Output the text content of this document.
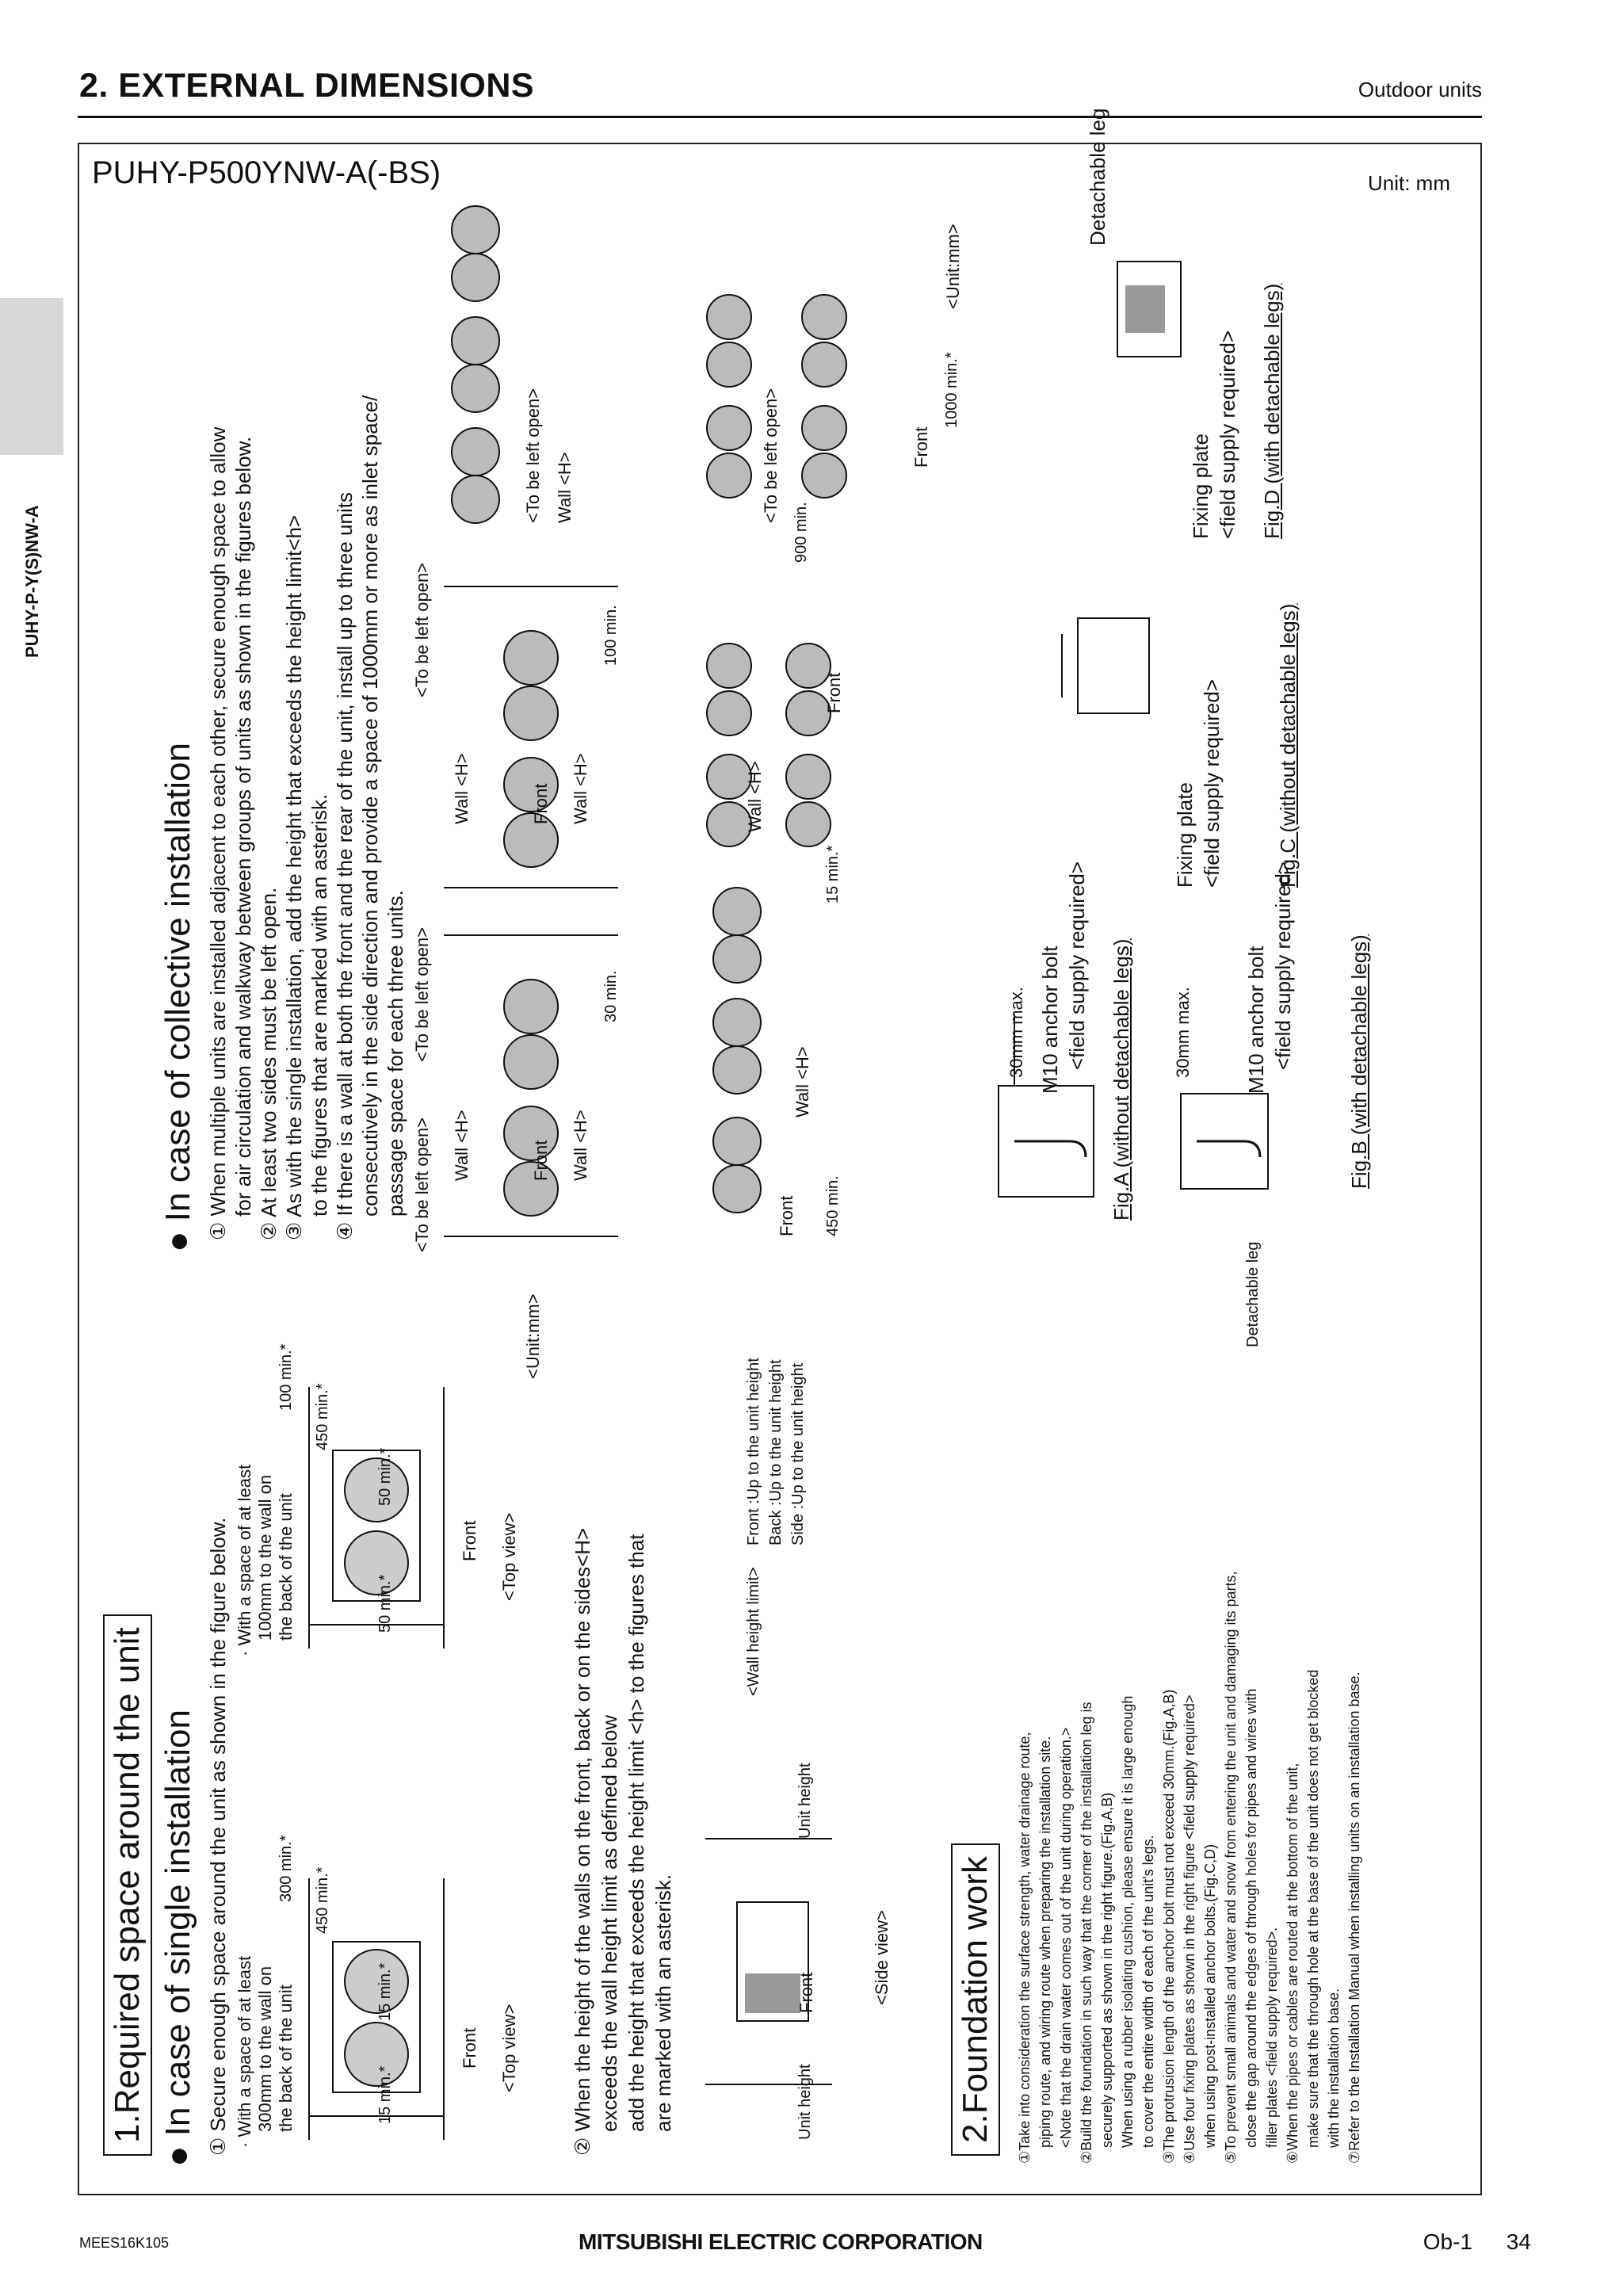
2. EXTERNAL DIMENSIONS	Outdoor units
PUHY-P-Y(S)NW-A
PUHY-P500YNW-A(-BS)	Unit: mm
1.Required space around the unit
● In case of single installation ① Secure enough space around the unit as shown in the figure below. · With a space of at least 300mm to the wall on the back of the unit
· With a space of at least 100mm to the wall on the back of the unit
15 min.*
15 min.*
300 min.* 450 min.*
Front <Top view>
50 min.*
50 min.*
100 min.*
450 min.*
Front <Top view>
<Unit:mm>
② When the height of the walls on the front, back or on the sides<H> exceeds the wall height limit as defined below add the height that exceeds the height limit <h> to the figures that are marked with an asterisk.	Unit height
Unit height
Front	<Side view>
<Wall height limit>
Front :Up to the unit height Back :Up to the unit height Side :Up to the unit height
2.Foundation work	①Take into consideration the surface strength, water drainage route, piping route, and wiring route when preparing the installation site. <Note that the drain water comes out of the unit during operation.> ②Build the foundation in such way that the corner of the installation leg is securely supported as shown in the right figure.(Fig.A,B) When using a rubber isolating cushion, please ensure it is large enough to cover the entire width of each of the unit's legs. ③The protrusion length of the anchor bolt must not exceed 30mm.(Fig.A,B) ④Use four fixing plates as shown in the right figure <field supply required> when using post-installed anchor bolts.(Fig.C,D) ⑤To prevent small animals and water and snow from entering the unit and damaging its parts, close the gap around the edges of through holes for pipes and wires with filler plates <field supply required>. ⑥When the pipes or cables are routed at the bottom of the unit, make sure that the through hole at the base of the unit does not get blocked with the installation base. ⑦Refer to the Installation Manual when installing units on an installation base.
● In case of collective installation ① When multiple units are installed adjacent to each other, secure enough space to allow for air circulation and walkway between groups of units as shown in the figures below. ② At least two sides must be left open. ③ As with the single installation, add the height that exceeds the height limit<h> to the figures that are marked with an asterisk. ④ If there is a wall at both the front and the rear of the unit, install up to three units consecutively in the side direction and provide a space of 1000mm or more as inlet space/ passage space for each three units. <To be left open>
<To be left open>
Wall <H>	Front Wall <H>
30 min.
<To be left open>
Wall <H>	Front Wall <H>
100 min.
<To be left open> Wall <H>
Front
Wall <H>
450 min.
15 min.*
Wall <H>
Front
900 min.
<To be left open>	Front
1000 min.*
<Unit:mm>
30mm max. M10 anchor bolt <field supply required> Fig.A (without detachable legs)
Detachable leg
30mm max.	M10 anchor bolt <field supply required>	Fig.B (with detachable legs)
Fixing plate <field supply required>	Fig.C (without detachable legs)
Detachable leg
Fixing plate <field supply required> Fig.D (with detachable legs)
MEES16K105	MITSUBISHI ELECTRIC CORPORATION	Ob-1 34
